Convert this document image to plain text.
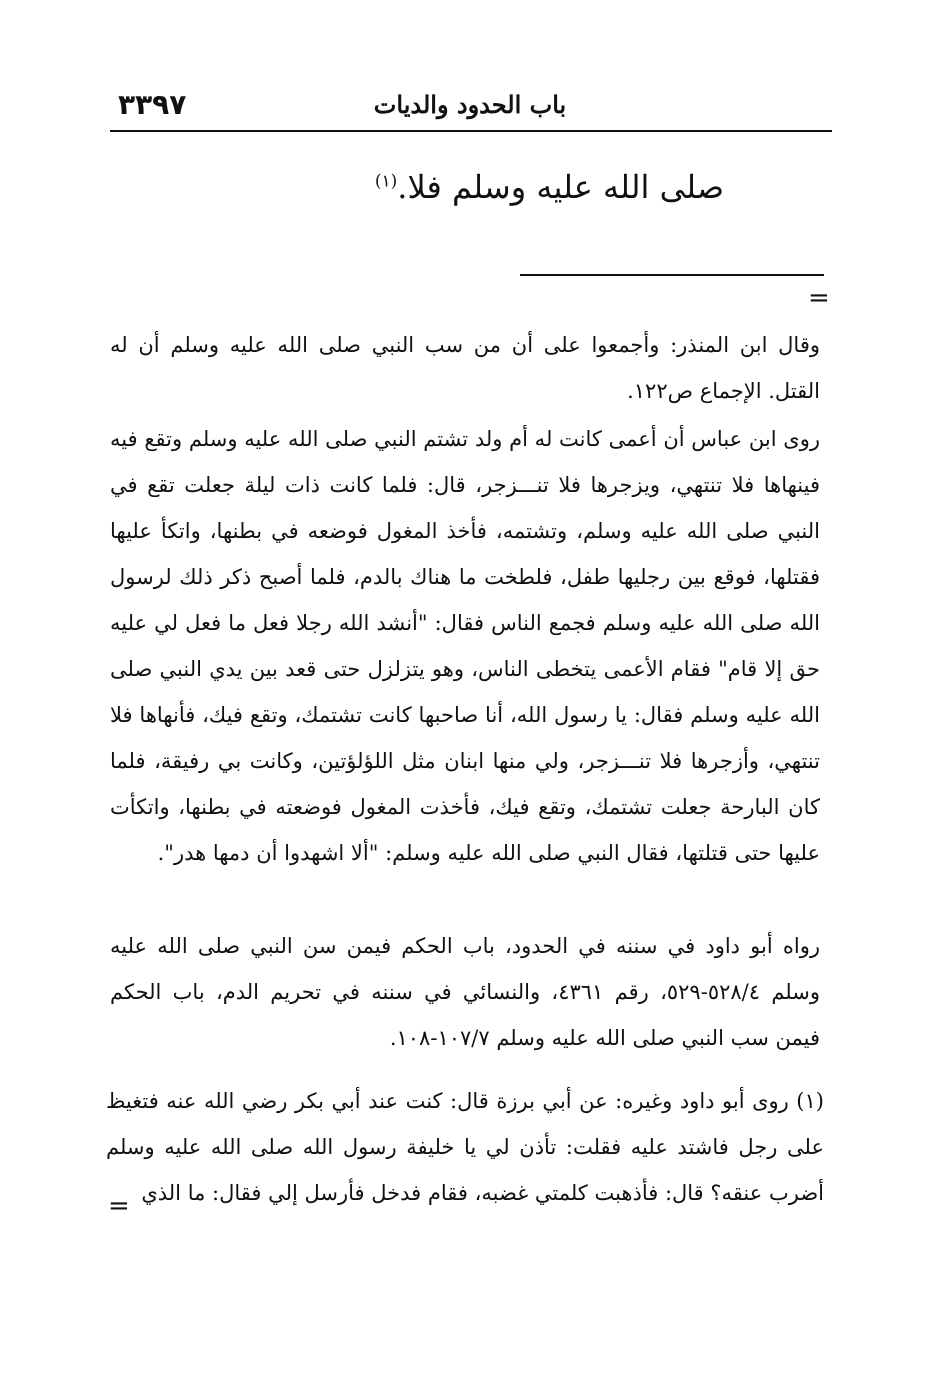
٣٣٩٧	باب الحدود والديات
صلى الله عليه وسلم فلا.$^{(١)}$
=
وقال ابن المنذر: وأجمعوا على أن من سب النبي صلى الله عليه وسلم أن له القتل. الإجماع ص١٢٢.
روى ابن عباس أن أعمى كانت له أم ولد تشتم النبي صلى الله عليه وسلم وتقع فيه فينهاها فلا تنتهي، ويزجرها فلا تنـــزجر، قال: فلما كانت ذات ليلة جعلت تقع في النبي صلى الله عليه وسلم، وتشتمه، فأخذ المغول فوضعه في بطنها، واتكأ عليها فقتلها، فوقع بين رجليها طفل، فلطخت ما هناك بالدم، فلما أصبح ذكر ذلك لرسول الله صلى الله عليه وسلم فجمع الناس فقال: "أنشد الله رجلا فعل ما فعل لي عليه حق إلا قام" فقام الأعمى يتخطى الناس، وهو يتزلزل حتى قعد بين يدي النبي صلى الله عليه وسلم فقال: يا رسول الله، أنا صاحبها كانت تشتمك، وتقع فيك، فأنهاها فلا تنتهي، وأزجرها فلا تنـــزجر، ولي منها ابنان مثل اللؤلؤتين، وكانت بي رفيقة، فلما كان البارحة جعلت تشتمك، وتقع فيك، فأخذت المغول فوضعته في بطنها، واتكأت عليها حتى قتلتها، فقال النبي صلى الله عليه وسلم: "ألا اشهدوا أن دمها هدر".
رواه أبو داود في سننه في الحدود، باب الحكم فيمن سن النبي صلى الله عليه وسلم ٥٢٨/٤-٥٢٩، رقم ٤٣٦١، والنسائي في سننه في تحريم الدم، باب الحكم فيمن سب النبي صلى الله عليه وسلم ١٠٧/٧-١٠٨.
(١) روى أبو داود وغيره: عن أبي برزة قال: كنت عند أبي بكر رضي الله عنه فتغيظ على رجل فاشتد عليه فقلت: تأذن لي يا خليفة رسول الله صلى الله عليه وسلم أضرب عنقه؟ قال: فأذهبت كلمتي غضبه، فقام فدخل فأرسل إلي فقال: ما الذي
=
